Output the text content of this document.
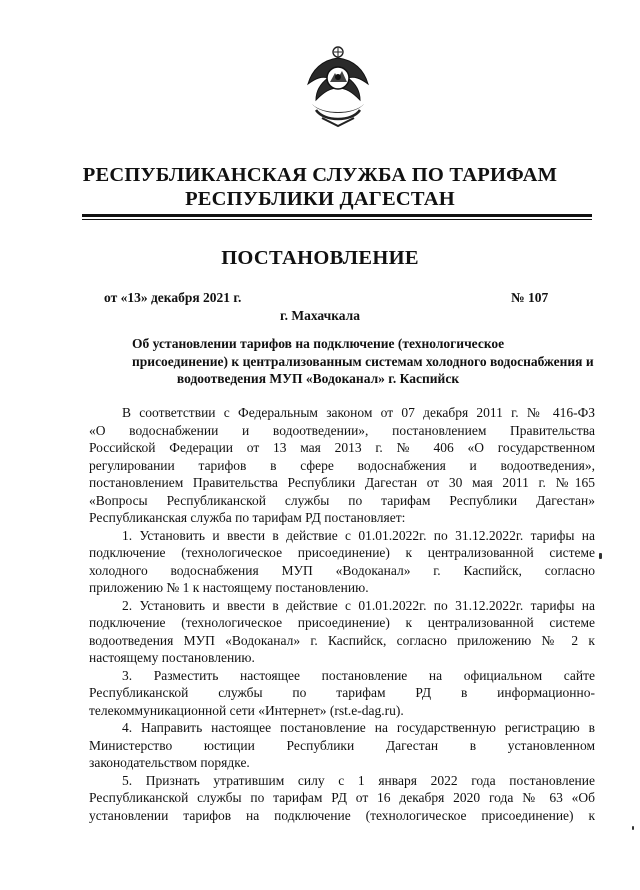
РЕСПУБЛИКАНСКАЯ СЛУЖБА ПО ТАРИФАМ
РЕСПУБЛИКИ ДАГЕСТАН
ПОСТАНОВЛЕНИЕ
от «13» декабря 2021 г.	№ 107
г. Махачкала
Об установлении тарифов на подключение (технологическое
присоединение) к централизованным системам холодного водоснабжения и
водоотведения МУП «Водоканал» г. Каспийск
В соответствии с Федеральным законом от 07 декабря 2011 г. № 416-ФЗ
«О водоснабжении и водоотведении», постановлением Правительства
Российской Федерации от 13 мая 2013 г. № 406 «О государственном
регулировании тарифов в сфере водоснабжения и водоотведения»,
постановлением Правительства Республики Дагестан от 30 мая 2011 г. №165
«Вопросы Республиканской службы по тарифам Республики Дагестан»
Республиканская служба по тарифам РД постановляет:
1. Установить и ввести в действие с 01.01.2022г. по 31.12.2022г. тарифы на
подключение (технологическое присоединение) к централизованной системе
холодного водоснабжения МУП «Водоканал» г. Каспийск, согласно
приложению № 1 к настоящему постановлению.
2. Установить и ввести в действие с 01.01.2022г. по 31.12.2022г. тарифы на
подключение (технологическое присоединение) к централизованной системе
водоотведения МУП «Водоканал» г. Каспийск, согласно приложению № 2 к
настоящему постановлению.
3. Разместить настоящее постановление на официальном сайте
Республиканской службы по тарифам РД в информационно-
телекоммуникационной сети «Интернет» (rst.e-dag.ru).
4. Направить настоящее постановление на государственную регистрацию в
Министерство юстиции Республики Дагестан в установленном
законодательством порядке.
5. Признать утратившим силу с 1 января 2022 года постановление
Республиканской службы по тарифам РД от 16 декабря 2020 года № 63 «Об
установлении тарифов на подключение (технологическое присоединение) к
